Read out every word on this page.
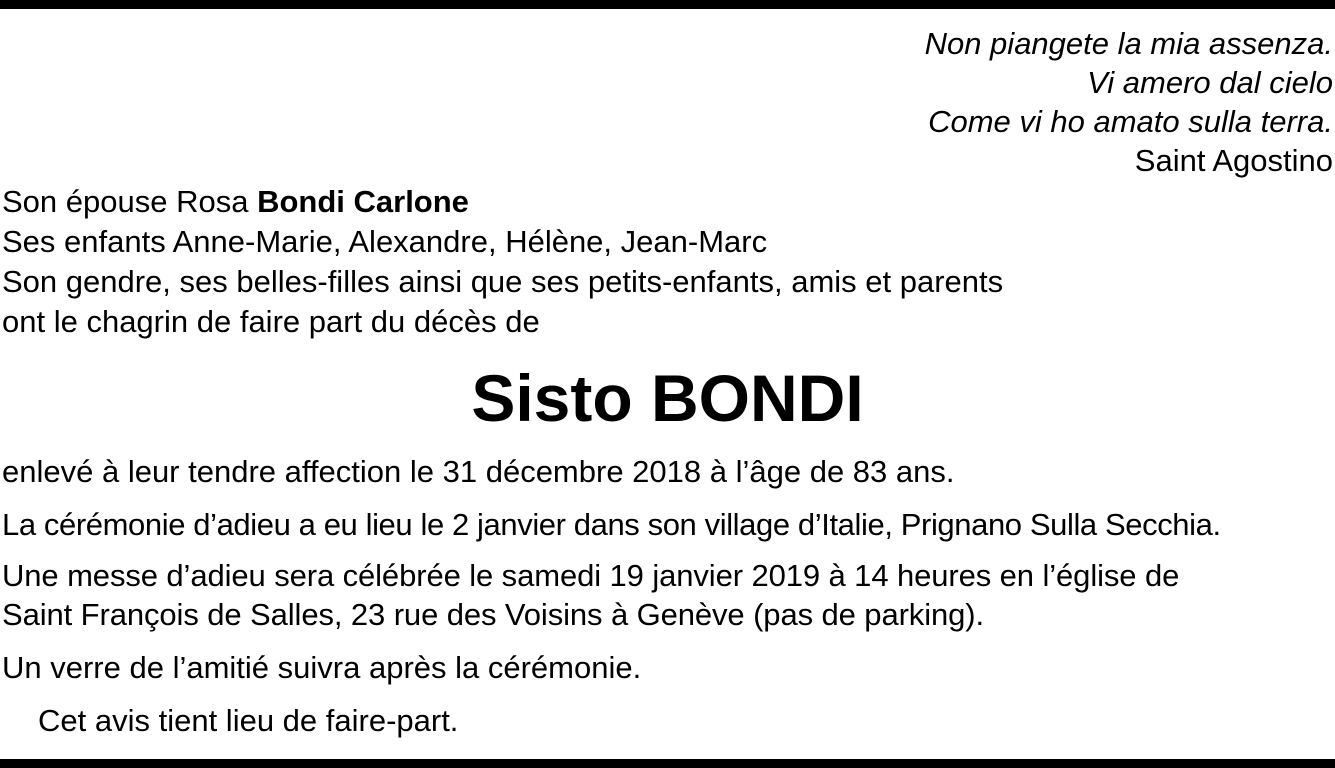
Non piangete la mia assenza.
Vi amero dal cielo
Come vi ho amato sulla terra.
Saint Agostino
Son épouse Rosa Bondi Carlone
Ses enfants Anne-Marie, Alexandre, Hélène, Jean-Marc
Son gendre, ses belles-filles ainsi que ses petits-enfants, amis et parents
ont le chagrin de faire part du décès de
Sisto BONDI
enlevé à leur tendre affection le 31 décembre 2018 à l’âge de 83 ans.
La cérémonie d’adieu a eu lieu le 2 janvier dans son village d’Italie, Prignano Sulla Secchia.
Une messe d’adieu sera célébrée le samedi 19 janvier 2019 à 14 heures en l’église de
Saint François de Salles, 23 rue des Voisins à Genève (pas de parking).
Un verre de l’amitié suivra après la cérémonie.
Cet avis tient lieu de faire-part.
